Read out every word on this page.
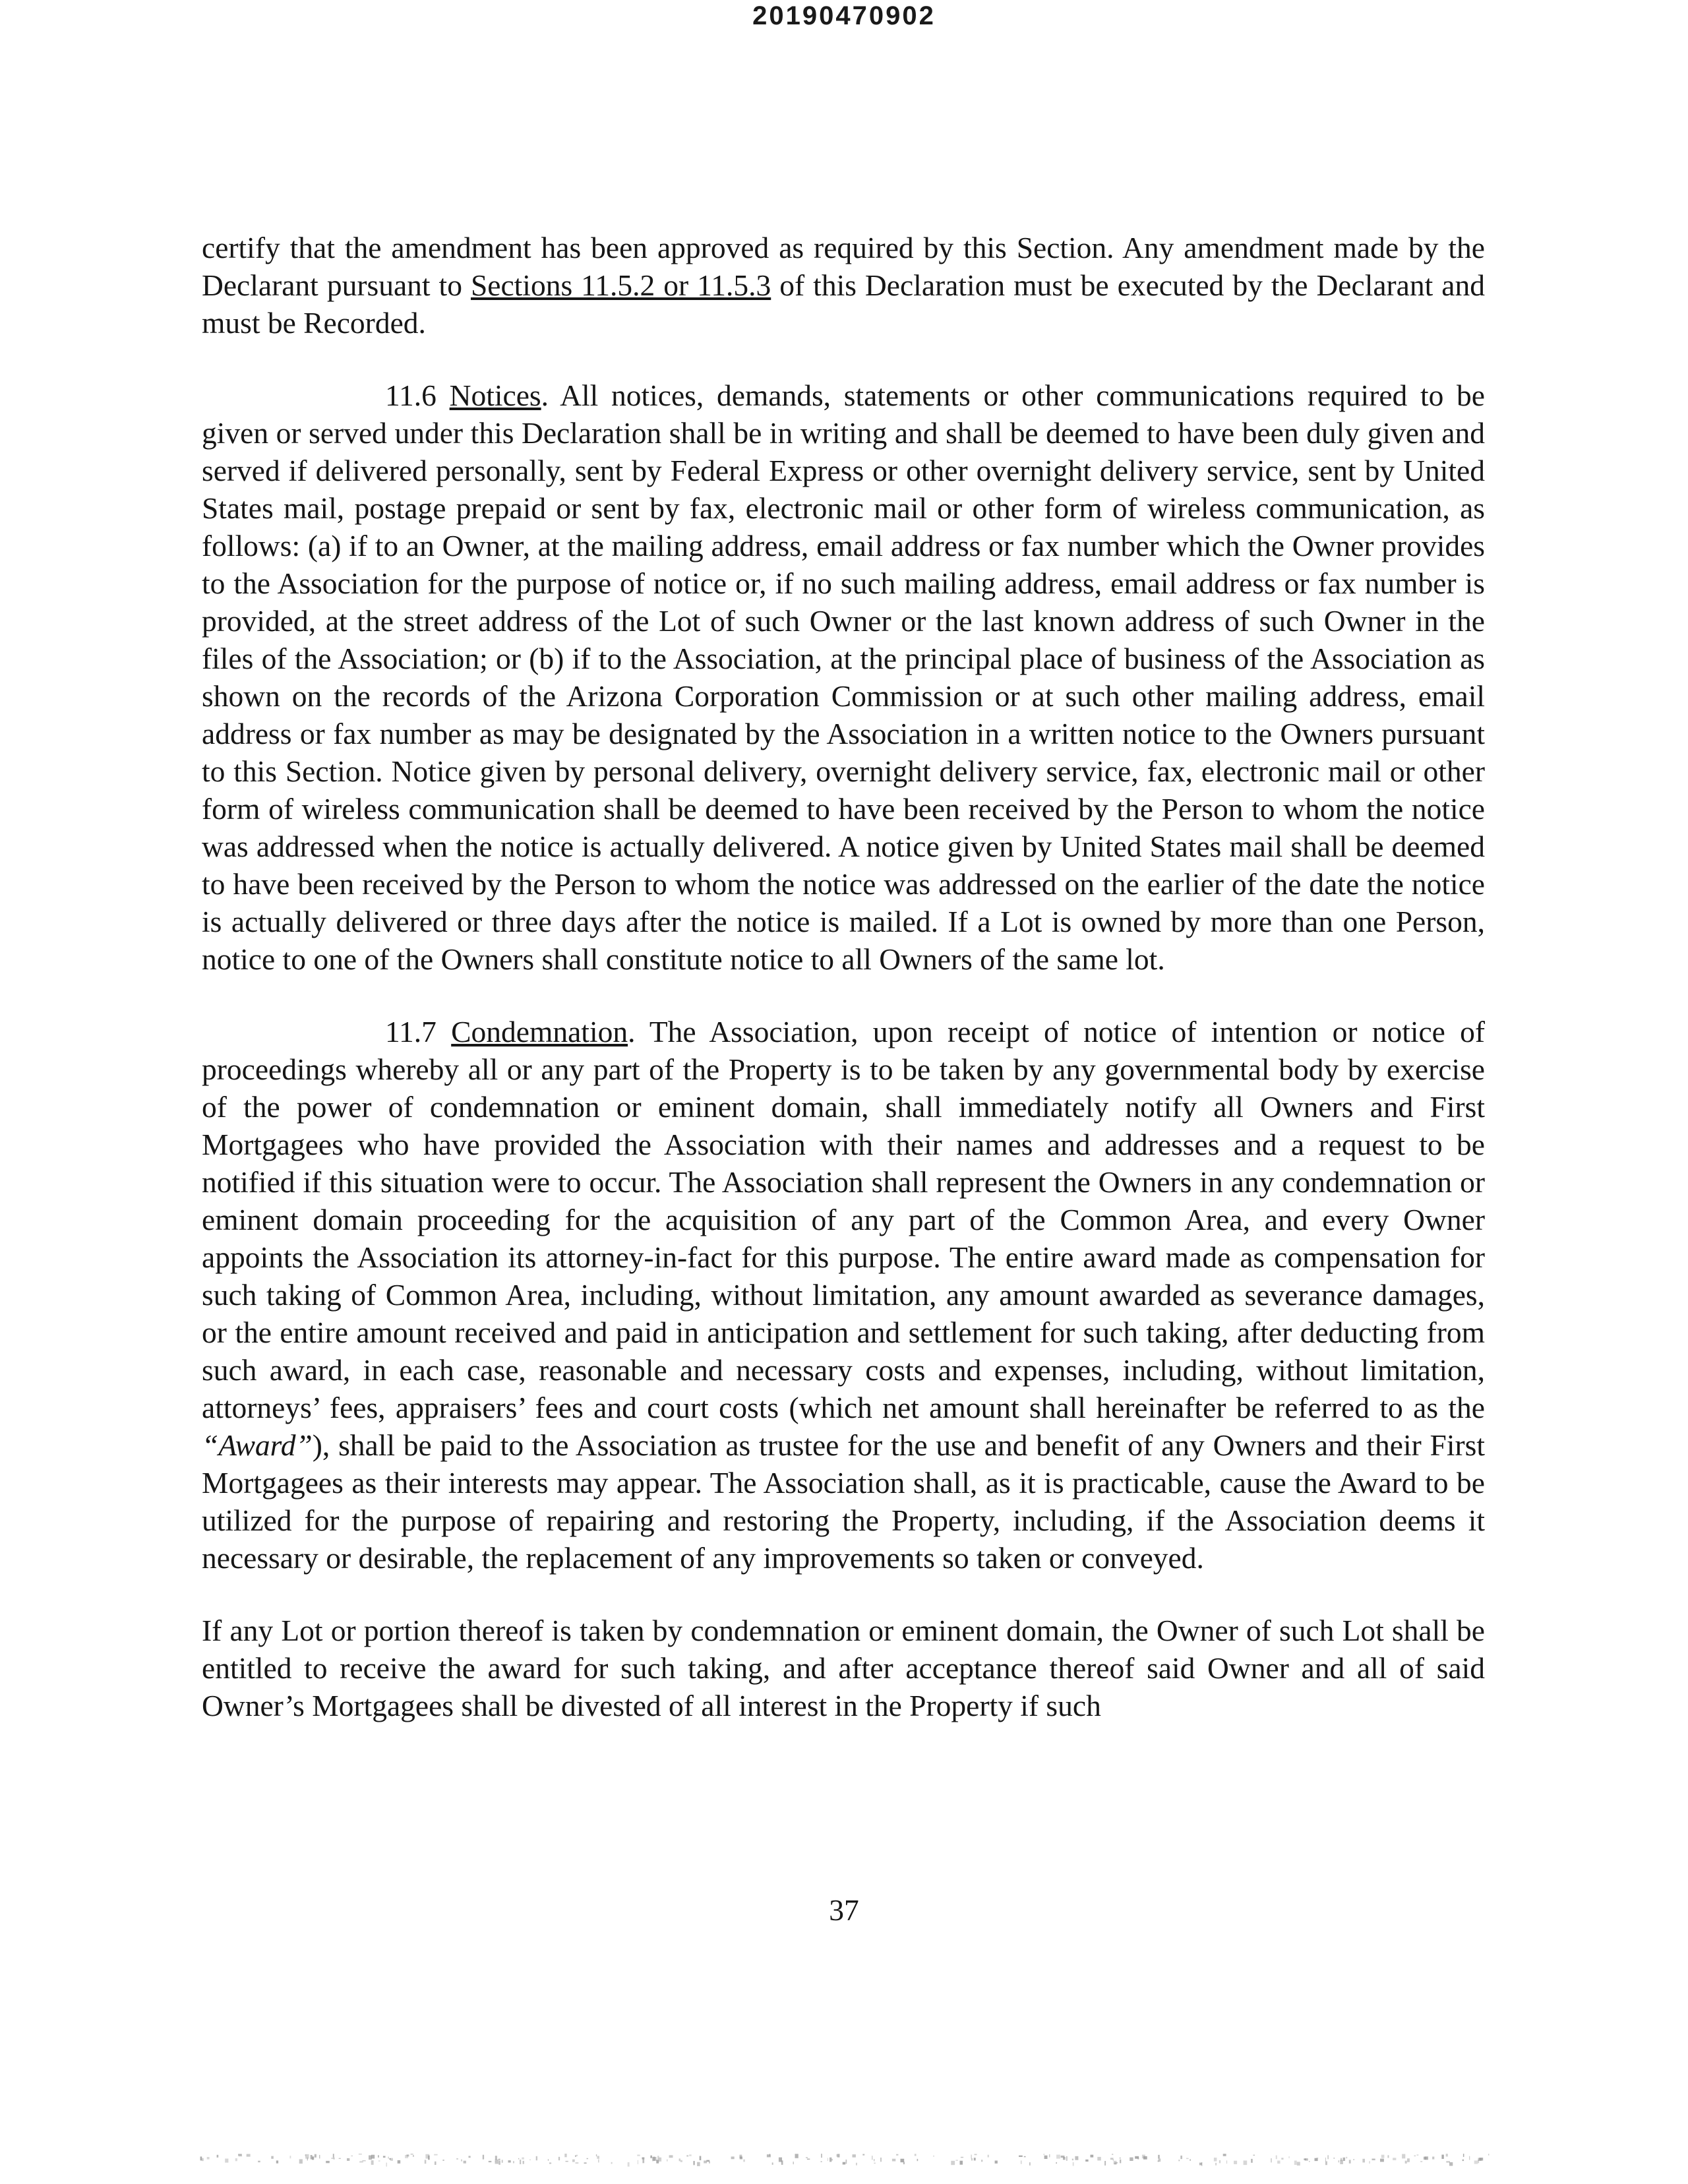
20190470902

certify that the amendment has been approved as required by this Section. Any amendment made by the Declarant pursuant to Sections 11.5.2 or 11.5.3 of this Declaration must be executed by the Declarant and must be Recorded.

11.6 Notices. All notices, demands, statements or other communications required to be given or served under this Declaration shall be in writing and shall be deemed to have been duly given and served if delivered personally, sent by Federal Express or other overnight delivery service, sent by United States mail, postage prepaid or sent by fax, electronic mail or other form of wireless communication, as follows: (a) if to an Owner, at the mailing address, email address or fax number which the Owner provides to the Association for the purpose of notice or, if no such mailing address, email address or fax number is provided, at the street address of the Lot of such Owner or the last known address of such Owner in the files of the Association; or (b) if to the Association, at the principal place of business of the Association as shown on the records of the Arizona Corporation Commission or at such other mailing address, email address or fax number as may be designated by the Association in a written notice to the Owners pursuant to this Section. Notice given by personal delivery, overnight delivery service, fax, electronic mail or other form of wireless communication shall be deemed to have been received by the Person to whom the notice was addressed when the notice is actually delivered. A notice given by United States mail shall be deemed to have been received by the Person to whom the notice was addressed on the earlier of the date the notice is actually delivered or three days after the notice is mailed. If a Lot is owned by more than one Person, notice to one of the Owners shall constitute notice to all Owners of the same lot.

11.7 Condemnation. The Association, upon receipt of notice of intention or notice of proceedings whereby all or any part of the Property is to be taken by any governmental body by exercise of the power of condemnation or eminent domain, shall immediately notify all Owners and First Mortgagees who have provided the Association with their names and addresses and a request to be notified if this situation were to occur. The Association shall represent the Owners in any condemnation or eminent domain proceeding for the acquisition of any part of the Common Area, and every Owner appoints the Association its attorney-in-fact for this purpose. The entire award made as compensation for such taking of Common Area, including, without limitation, any amount awarded as severance damages, or the entire amount received and paid in anticipation and settlement for such taking, after deducting from such award, in each case, reasonable and necessary costs and expenses, including, without limitation, attorneys’ fees, appraisers’ fees and court costs (which net amount shall hereinafter be referred to as the “Award”), shall be paid to the Association as trustee for the use and benefit of any Owners and their First Mortgagees as their interests may appear. The Association shall, as it is practicable, cause the Award to be utilized for the purpose of repairing and restoring the Property, including, if the Association deems it necessary or desirable, the replacement of any improvements so taken or conveyed.

If any Lot or portion thereof is taken by condemnation or eminent domain, the Owner of such Lot shall be entitled to receive the award for such taking, and after acceptance thereof said Owner and all of said Owner’s Mortgagees shall be divested of all interest in the Property if such

37
